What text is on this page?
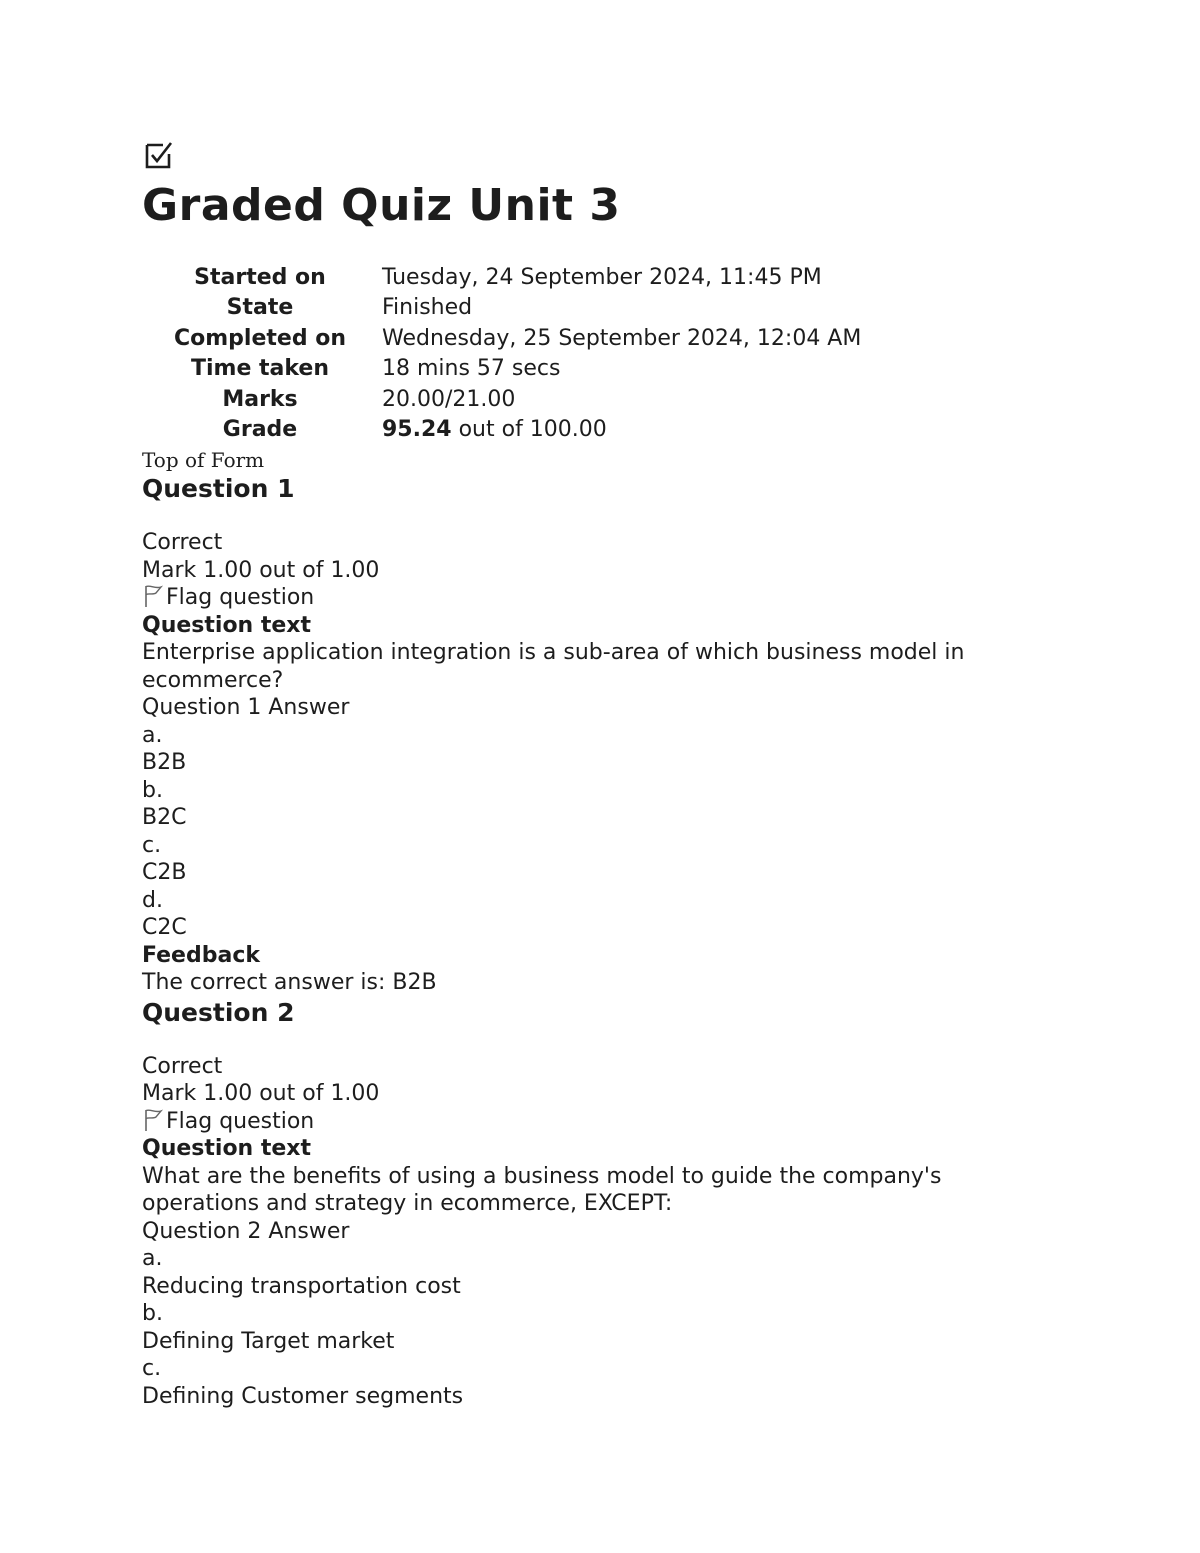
Graded Quiz Unit 3
Started on	Tuesday, 24 September 2024, 11:45 PM
State	Finished
Completed on	Wednesday, 25 September 2024, 12:04 AM
Time taken	18 mins 57 secs
Marks	20.00/21.00
Grade	95.24 out of 100.00
Top of Form
Question 1
Correct
Mark 1.00 out of 1.00
Flag question
Question text
Enterprise application integration is a sub-area of which business model in ecommerce?
Question 1 Answer
a.
B2B
b.
B2C
c.
C2B
d.
C2C
Feedback
The correct answer is: B2B
Question 2
Correct
Mark 1.00 out of 1.00
Flag question
Question text
What are the benefits of using a business model to guide the company's operations and strategy in ecommerce, EXCEPT:
Question 2 Answer
a.
Reducing transportation cost
b.
Defining Target market
c.
Defining Customer segments
